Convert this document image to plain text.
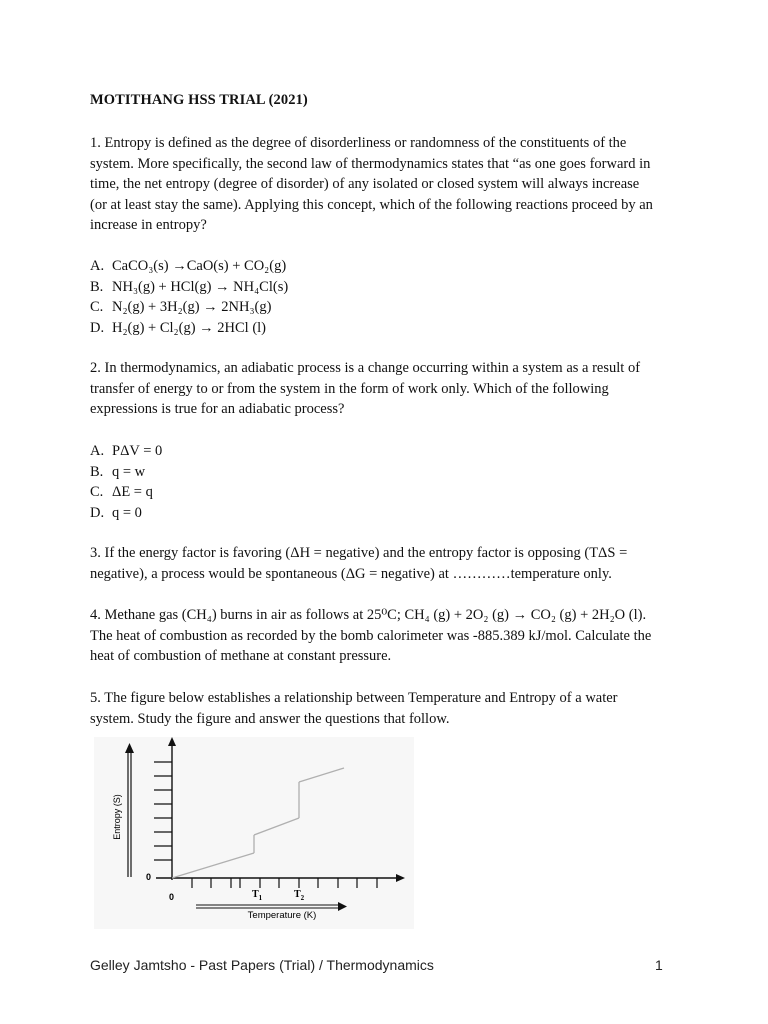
MOTITHANG HSS TRIAL (2021)
1. Entropy is defined as the degree of disorderliness or randomness of the constituents of the
system. More specifically, the second law of thermodynamics states that “as one goes forward in
time, the net entropy (degree of disorder) of any isolated or closed system will always increase
(or at least stay the same). Applying this concept, which of the following reactions proceed by an
increase in entropy?
A. CaCO₃(s) →CaO(s) + CO₂(g)
B. NH₃(g) + HCl(g) → NH₄Cl(s)
C. N₂(g) + 3H₂(g) → 2NH₃(g)
D. H₂(g) + Cl₂(g) → 2HCl (l)
2. In thermodynamics, an adiabatic process is a change occurring within a system as a result of
transfer of energy to or from the system in the form of work only. Which of the following
expressions is true for an adiabatic process?
A. PΔV = 0
B. q = w
C. ΔE = q
D. q = 0
3. If the energy factor is favoring (ΔH = negative) and the entropy factor is opposing (TΔS =
negative), a process would be spontaneous (ΔG = negative) at …………temperature only.
4. Methane gas (CH₄) burns in air as follows at 25⁰C; CH₄ (g) + 2O₂ (g) → CO₂ (g) + 2H₂O (l).
The heat of combustion as recorded by the bomb calorimeter was -885.389 kJ/mol. Calculate the
heat of combustion of methane at constant pressure.
5. The figure below establishes a relationship between Temperature and Entropy of a water
system. Study the figure and answer the questions that follow.
Entropy (S)
0
0	$T_1$	$T_2$
Temperature (K)
Gelley Jamtsho - Past Papers (Trial) / Thermodynamics	1
